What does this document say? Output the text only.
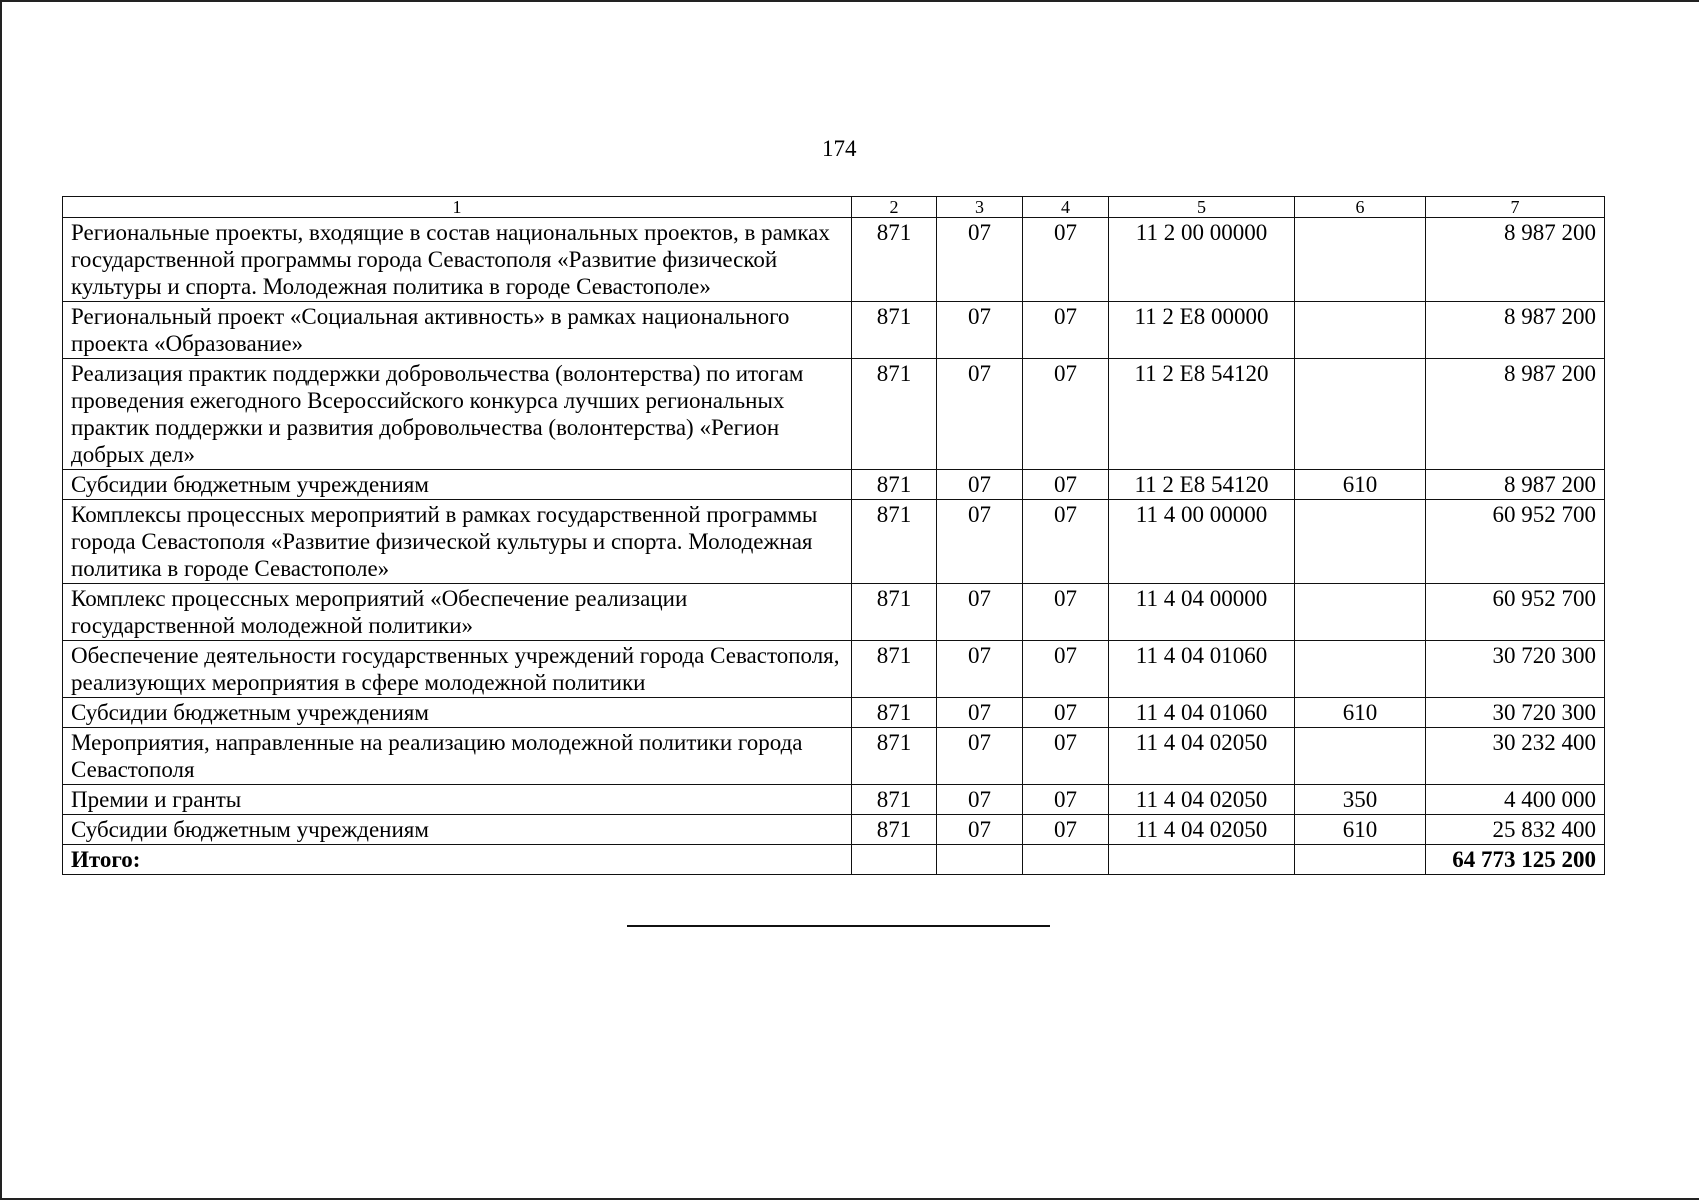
174
1	2	3	4	5	6	7
Региональные проекты, входящие в состав национальных проектов, в рамках государственной программы города Севастополя «Развитие физической культуры и спорта. Молодежная политика в городе Севастополе»	871	07	07	11 2 00 00000		8 987 200
Региональный проект «Социальная активность» в рамках национального проекта «Образование»	871	07	07	11 2 E8 00000		8 987 200
Реализация практик поддержки добровольчества (волонтерства) по итогам проведения ежегодного Всероссийского конкурса лучших региональных практик поддержки и развития добровольчества (волонтерства) «Регион добрых дел»	871	07	07	11 2 E8 54120		8 987 200
Субсидии бюджетным учреждениям	871	07	07	11 2 E8 54120	610	8 987 200
Комплексы процессных мероприятий в рамках государственной программы города Севастополя «Развитие физической культуры и спорта. Молодежная политика в городе Севастополе»	871	07	07	11 4 00 00000		60 952 700
Комплекс процессных мероприятий «Обеспечение реализации государственной молодежной политики»	871	07	07	11 4 04 00000		60 952 700
Обеспечение деятельности государственных учреждений города Севастополя, реализующих мероприятия в сфере молодежной политики	871	07	07	11 4 04 01060		30 720 300
Субсидии бюджетным учреждениям	871	07	07	11 4 04 01060	610	30 720 300
Мероприятия, направленные на реализацию молодежной политики города Севастополя	871	07	07	11 4 04 02050		30 232 400
Премии и гранты	871	07	07	11 4 04 02050	350	4 400 000
Субсидии бюджетным учреждениям	871	07	07	11 4 04 02050	610	25 832 400
Итого:						64 773 125 200
